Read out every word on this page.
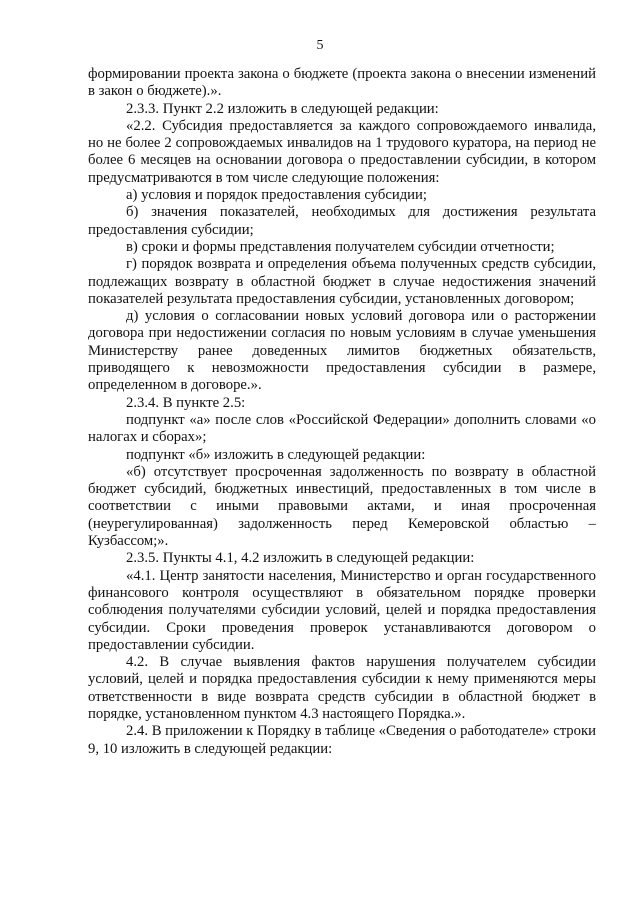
5

формировании проекта закона о бюджете (проекта закона о внесении изменений в закон о бюджете).».

2.3.3. Пункт 2.2 изложить в следующей редакции:

«2.2. Субсидия предоставляется за каждого сопровождаемого инвалида, но не более 2 сопровождаемых инвалидов на 1 трудового куратора, на период не более 6 месяцев на основании договора о предоставлении субсидии, в котором предусматриваются в том числе следующие положения:

а) условия и порядок предоставления субсидии;

б) значения показателей, необходимых для достижения результата предоставления субсидии;

в) сроки и формы представления получателем субсидии отчетности;

г) порядок возврата и определения объема полученных средств субсидии, подлежащих возврату в областной бюджет в случае недостижения значений показателей результата предоставления субсидии, установленных договором;

д) условия о согласовании новых условий договора или о расторжении договора при недостижении согласия по новым условиям в случае уменьшения Министерству ранее доведенных лимитов бюджетных обязательств, приводящего к невозможности предоставления субсидии в размере, определенном в договоре.».

2.3.4. В пункте 2.5:

подпункт «а» после слов «Российской Федерации» дополнить словами «о налогах и сборах»;

подпункт «б» изложить в следующей редакции:

«б) отсутствует просроченная задолженность по возврату в областной бюджет субсидий, бюджетных инвестиций, предоставленных в том числе в соответствии с иными правовыми актами, и иная просроченная (неурегулированная) задолженность перед Кемеровской областью – Кузбассом;».

2.3.5. Пункты 4.1, 4.2 изложить в следующей редакции:

«4.1. Центр занятости населения, Министерство и орган государственного финансового контроля осуществляют в обязательном порядке проверки соблюдения получателями субсидии условий, целей и порядка предоставления субсидии. Сроки проведения проверок устанавливаются договором о предоставлении субсидии.

4.2. В случае выявления фактов нарушения получателем субсидии условий, целей и порядка предоставления субсидии к нему применяются меры ответственности в виде возврата средств субсидии в областной бюджет в порядке, установленном пунктом 4.3 настоящего Порядка.».

2.4. В приложении к Порядку в таблице «Сведения о работодателе» строки 9, 10 изложить в следующей редакции:
